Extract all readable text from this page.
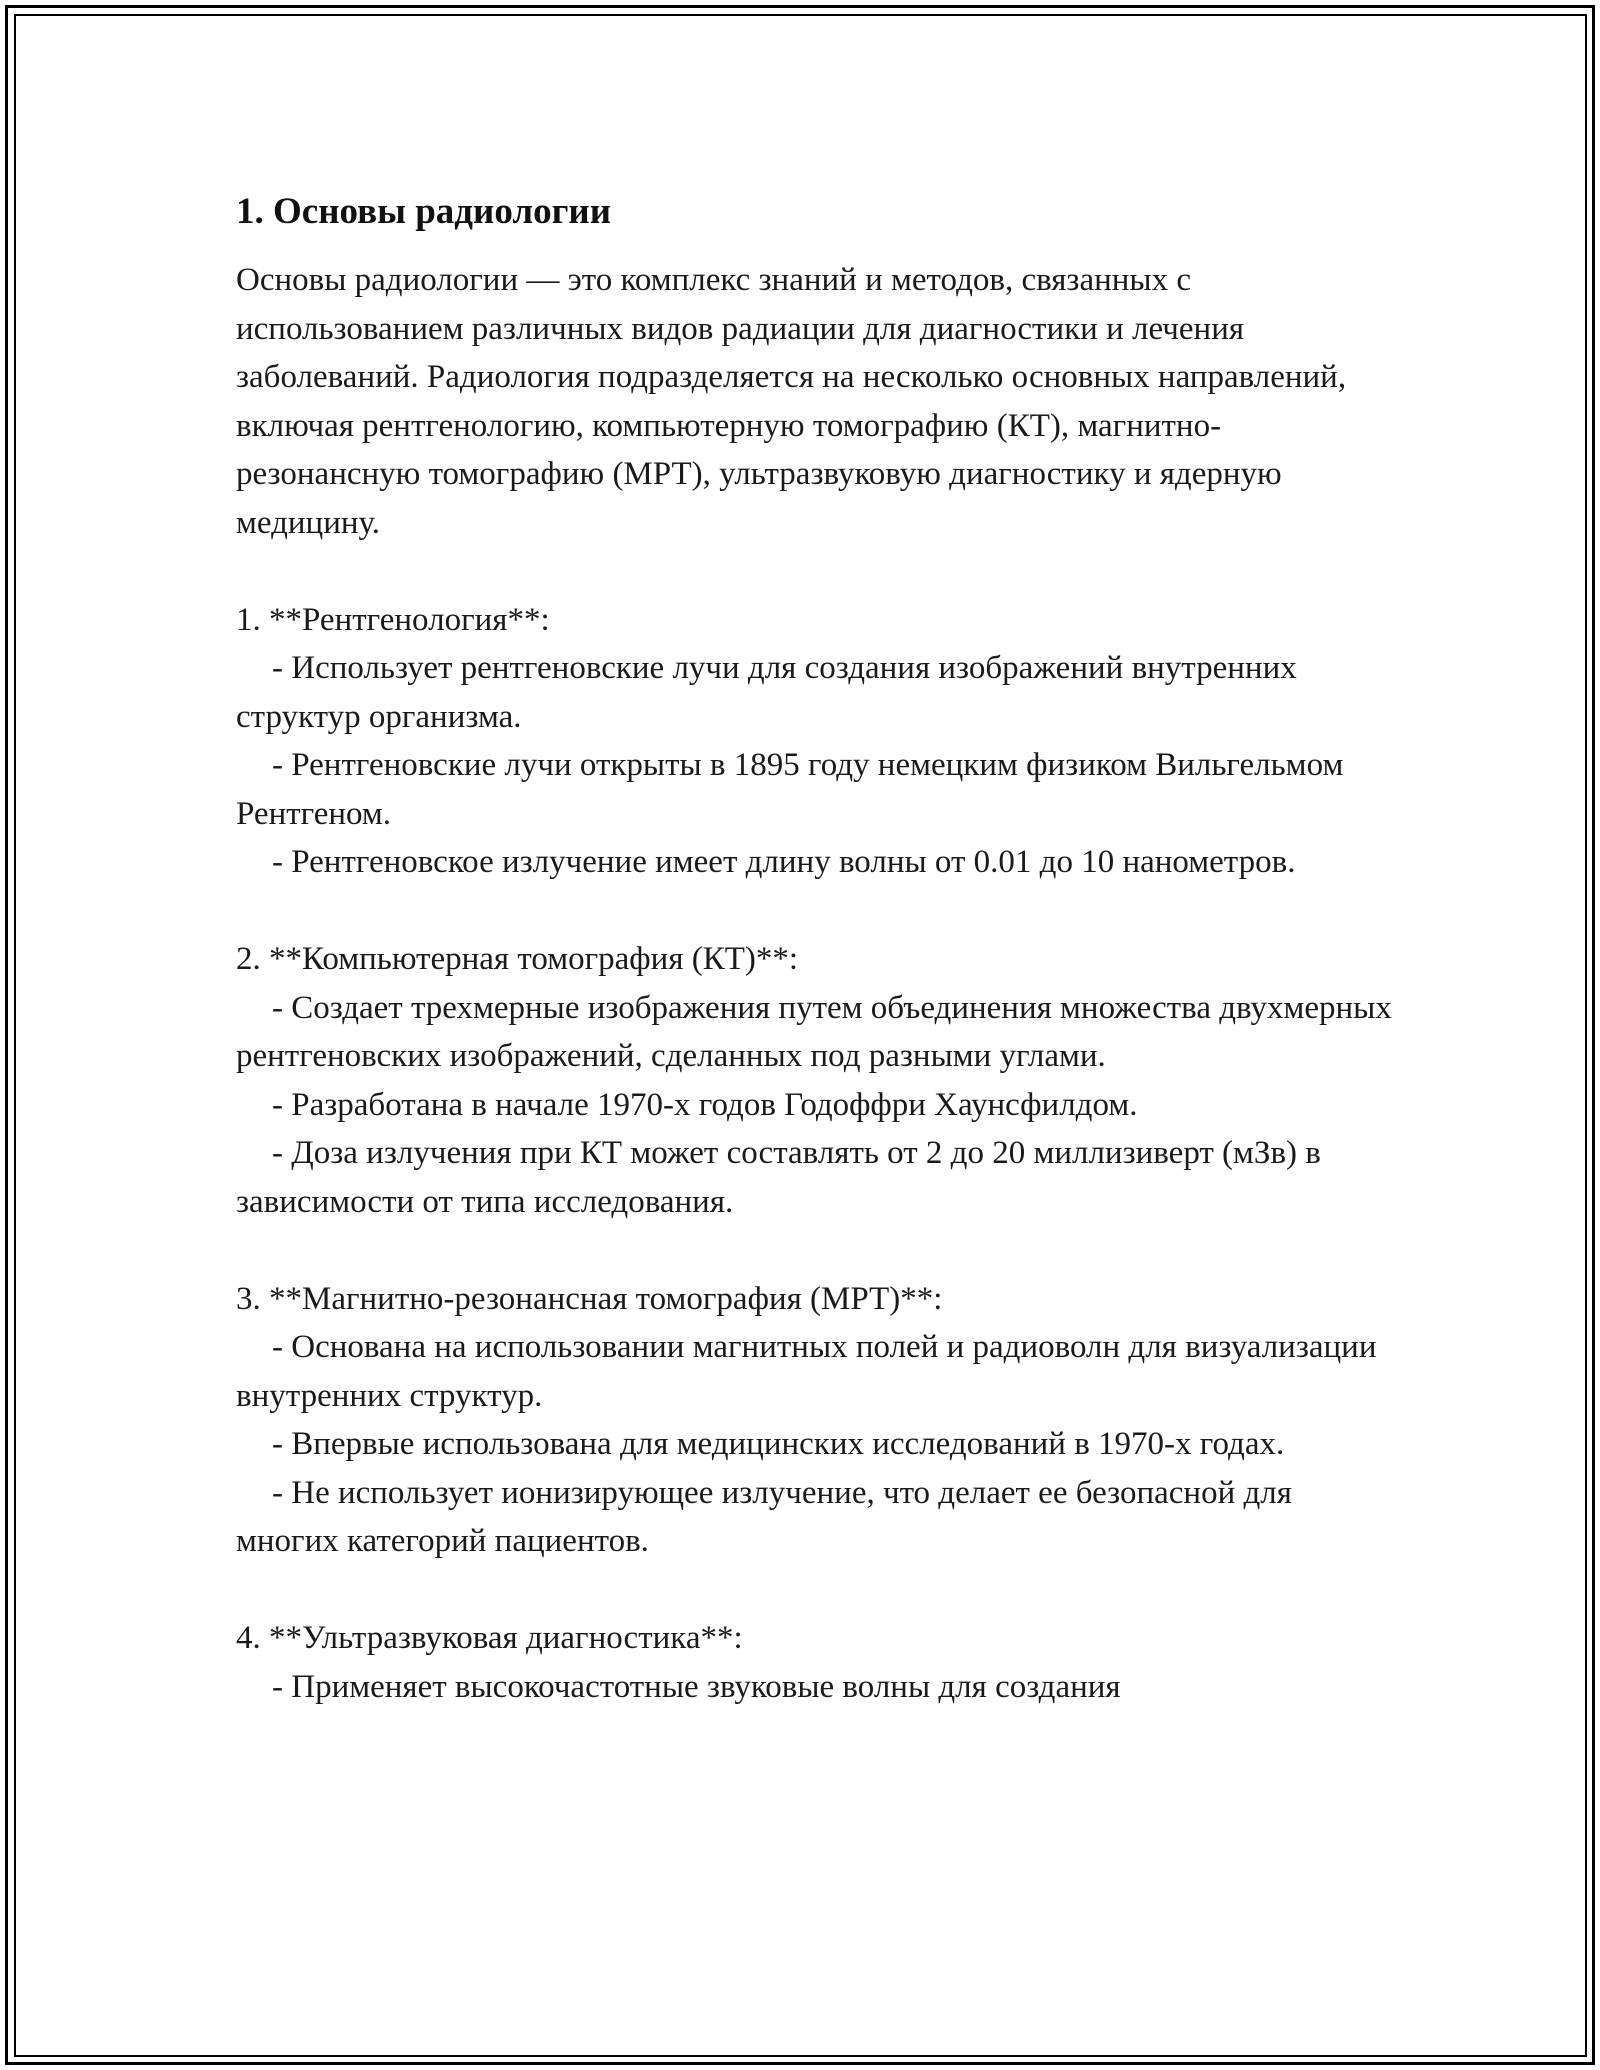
1. Основы радиологии

Основы радиологии — это комплекс знаний и методов, связанных с использованием различных видов радиации для диагностики и лечения заболеваний. Радиология подразделяется на несколько основных направлений, включая рентгенологию, компьютерную томографию (КТ), магнитно-резонансную томографию (МРТ), ультразвуковую диагностику и ядерную медицину.

1. **Рентгенология**:

- Использует рентгеновские лучи для создания изображений внутренних структур организма.

- Рентгеновские лучи открыты в 1895 году немецким физиком Вильгельмом Рентгеном.

- Рентгеновское излучение имеет длину волны от 0.01 до 10 нанометров.

2. **Компьютерная томография (КТ)**:

- Создает трехмерные изображения путем объединения множества двухмерных рентгеновских изображений, сделанных под разными углами.

- Разработана в начале 1970-х годов Годоффри Хаунсфилдом.

- Доза излучения при КТ может составлять от 2 до 20 миллизиверт (мЗв) в зависимости от типа исследования.

3. **Магнитно-резонансная томография (МРТ)**:

- Основана на использовании магнитных полей и радиоволн для визуализации внутренних структур.

- Впервые использована для медицинских исследований в 1970-х годах.

- Не использует ионизирующее излучение, что делает ее безопасной для многих категорий пациентов.

4. **Ультразвуковая диагностика**:

- Применяет высокочастотные звуковые волны для создания
